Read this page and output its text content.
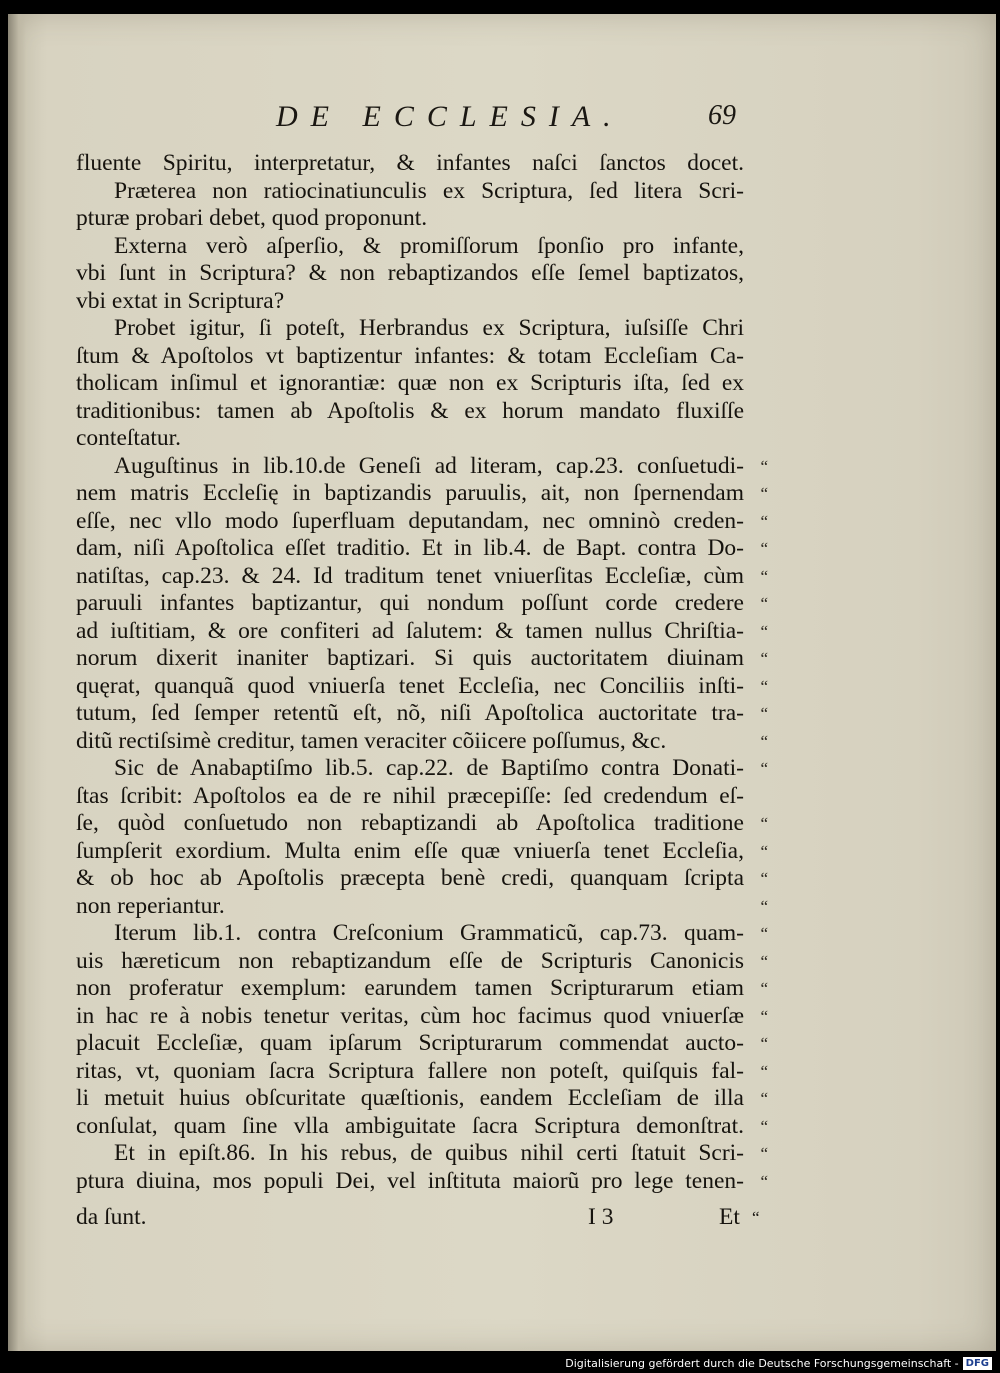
DE ECCLESIA.	69
fluente Spiritu, interpretatur, & infantes naſci ſanctos docet.
Præterea non ratiocinatiunculis ex Scriptura, ſed litera Scri-
pturæ probari debet, quod proponunt.
Externa verò aſperſio, & promiſſorum ſponſio pro infante,
vbi ſunt in Scriptura? & non rebaptizandos eſſe ſemel baptizatos,
vbi extat in Scriptura?
Probet igitur, ſi poteſt, Herbrandus ex Scriptura, iuſsiſſe Chri
ſtum & Apoſtolos vt baptizentur infantes: & totam Eccleſiam Ca-
tholicam inſimul et ignorantiæ: quæ non ex Scripturis iſta, ſed ex
traditionibus: tamen ab Apoſtolis & ex horum mandato fluxiſſe
conteſtatur.
Auguſtinus in lib.10.de Geneſi ad literam, cap.23. conſuetudi- “
nem matris Eccleſię in baptizandis paruulis, ait, non ſpernendam “
eſſe, nec vllo modo ſuperfluam deputandam, nec omninò creden- “
dam, niſi Apoſtolica eſſet traditio. Et in lib.4. de Bapt. contra Do- “
natiſtas, cap.23. & 24. Id traditum tenet vniuerſitas Eccleſiæ, cùm “
paruuli infantes baptizantur, qui nondum poſſunt corde credere “
ad iuſtitiam, & ore confiteri ad ſalutem: & tamen nullus Chriſtia- “
norum dixerit inaniter baptizari. Si quis auctoritatem diuinam “
quęrat, quanquã quod vniuerſa tenet Eccleſia, nec Conciliis inſti- “
tutum, ſed ſemper retentũ eſt, nõ, niſi Apoſtolica auctoritate tra- “
ditũ rectiſsimè creditur, tamen veraciter cõiicere poſſumus, &c.	“
Sic de Anabaptiſmo lib.5. cap.22. de Baptiſmo contra Donati- “
ſtas ſcribit: Apoſtolos ea de re nihil præcepiſſe: ſed credendum eſ-
ſe, quòd conſuetudo non rebaptizandi ab Apoſtolica traditione “
ſumpſerit exordium. Multa enim eſſe quæ vniuerſa tenet Eccleſia, “
& ob hoc ab Apoſtolis præcepta benè credi, quanquam ſcripta “
non reperiantur.	“
Iterum lib.1. contra Creſconium Grammaticũ, cap.73. quam- “
uis hæreticum non rebaptizandum eſſe de Scripturis Canonicis “
non proferatur exemplum: earundem tamen Scripturarum etiam “
in hac re à nobis tenetur veritas, cùm hoc facimus quod vniuerſæ “
placuit Eccleſiæ, quam ipſarum Scripturarum commendat aucto- “
ritas, vt, quoniam ſacra Scriptura fallere non poteſt, quiſquis fal- “
li metuit huius obſcuritate quæſtionis, eandem Eccleſiam de illa “
conſulat, quam ſine vlla ambiguitate ſacra Scriptura demonſtrat. “
Et in epiſt.86. In his rebus, de quibus nihil certi ſtatuit Scri- “
ptura diuina, mos populi Dei, vel inſtituta maiorũ pro lege tenen- “
da ſunt.	I 3	Et “
Digitalisierung gefördert durch die Deutsche Forschungsgemeinschaft - DFG
